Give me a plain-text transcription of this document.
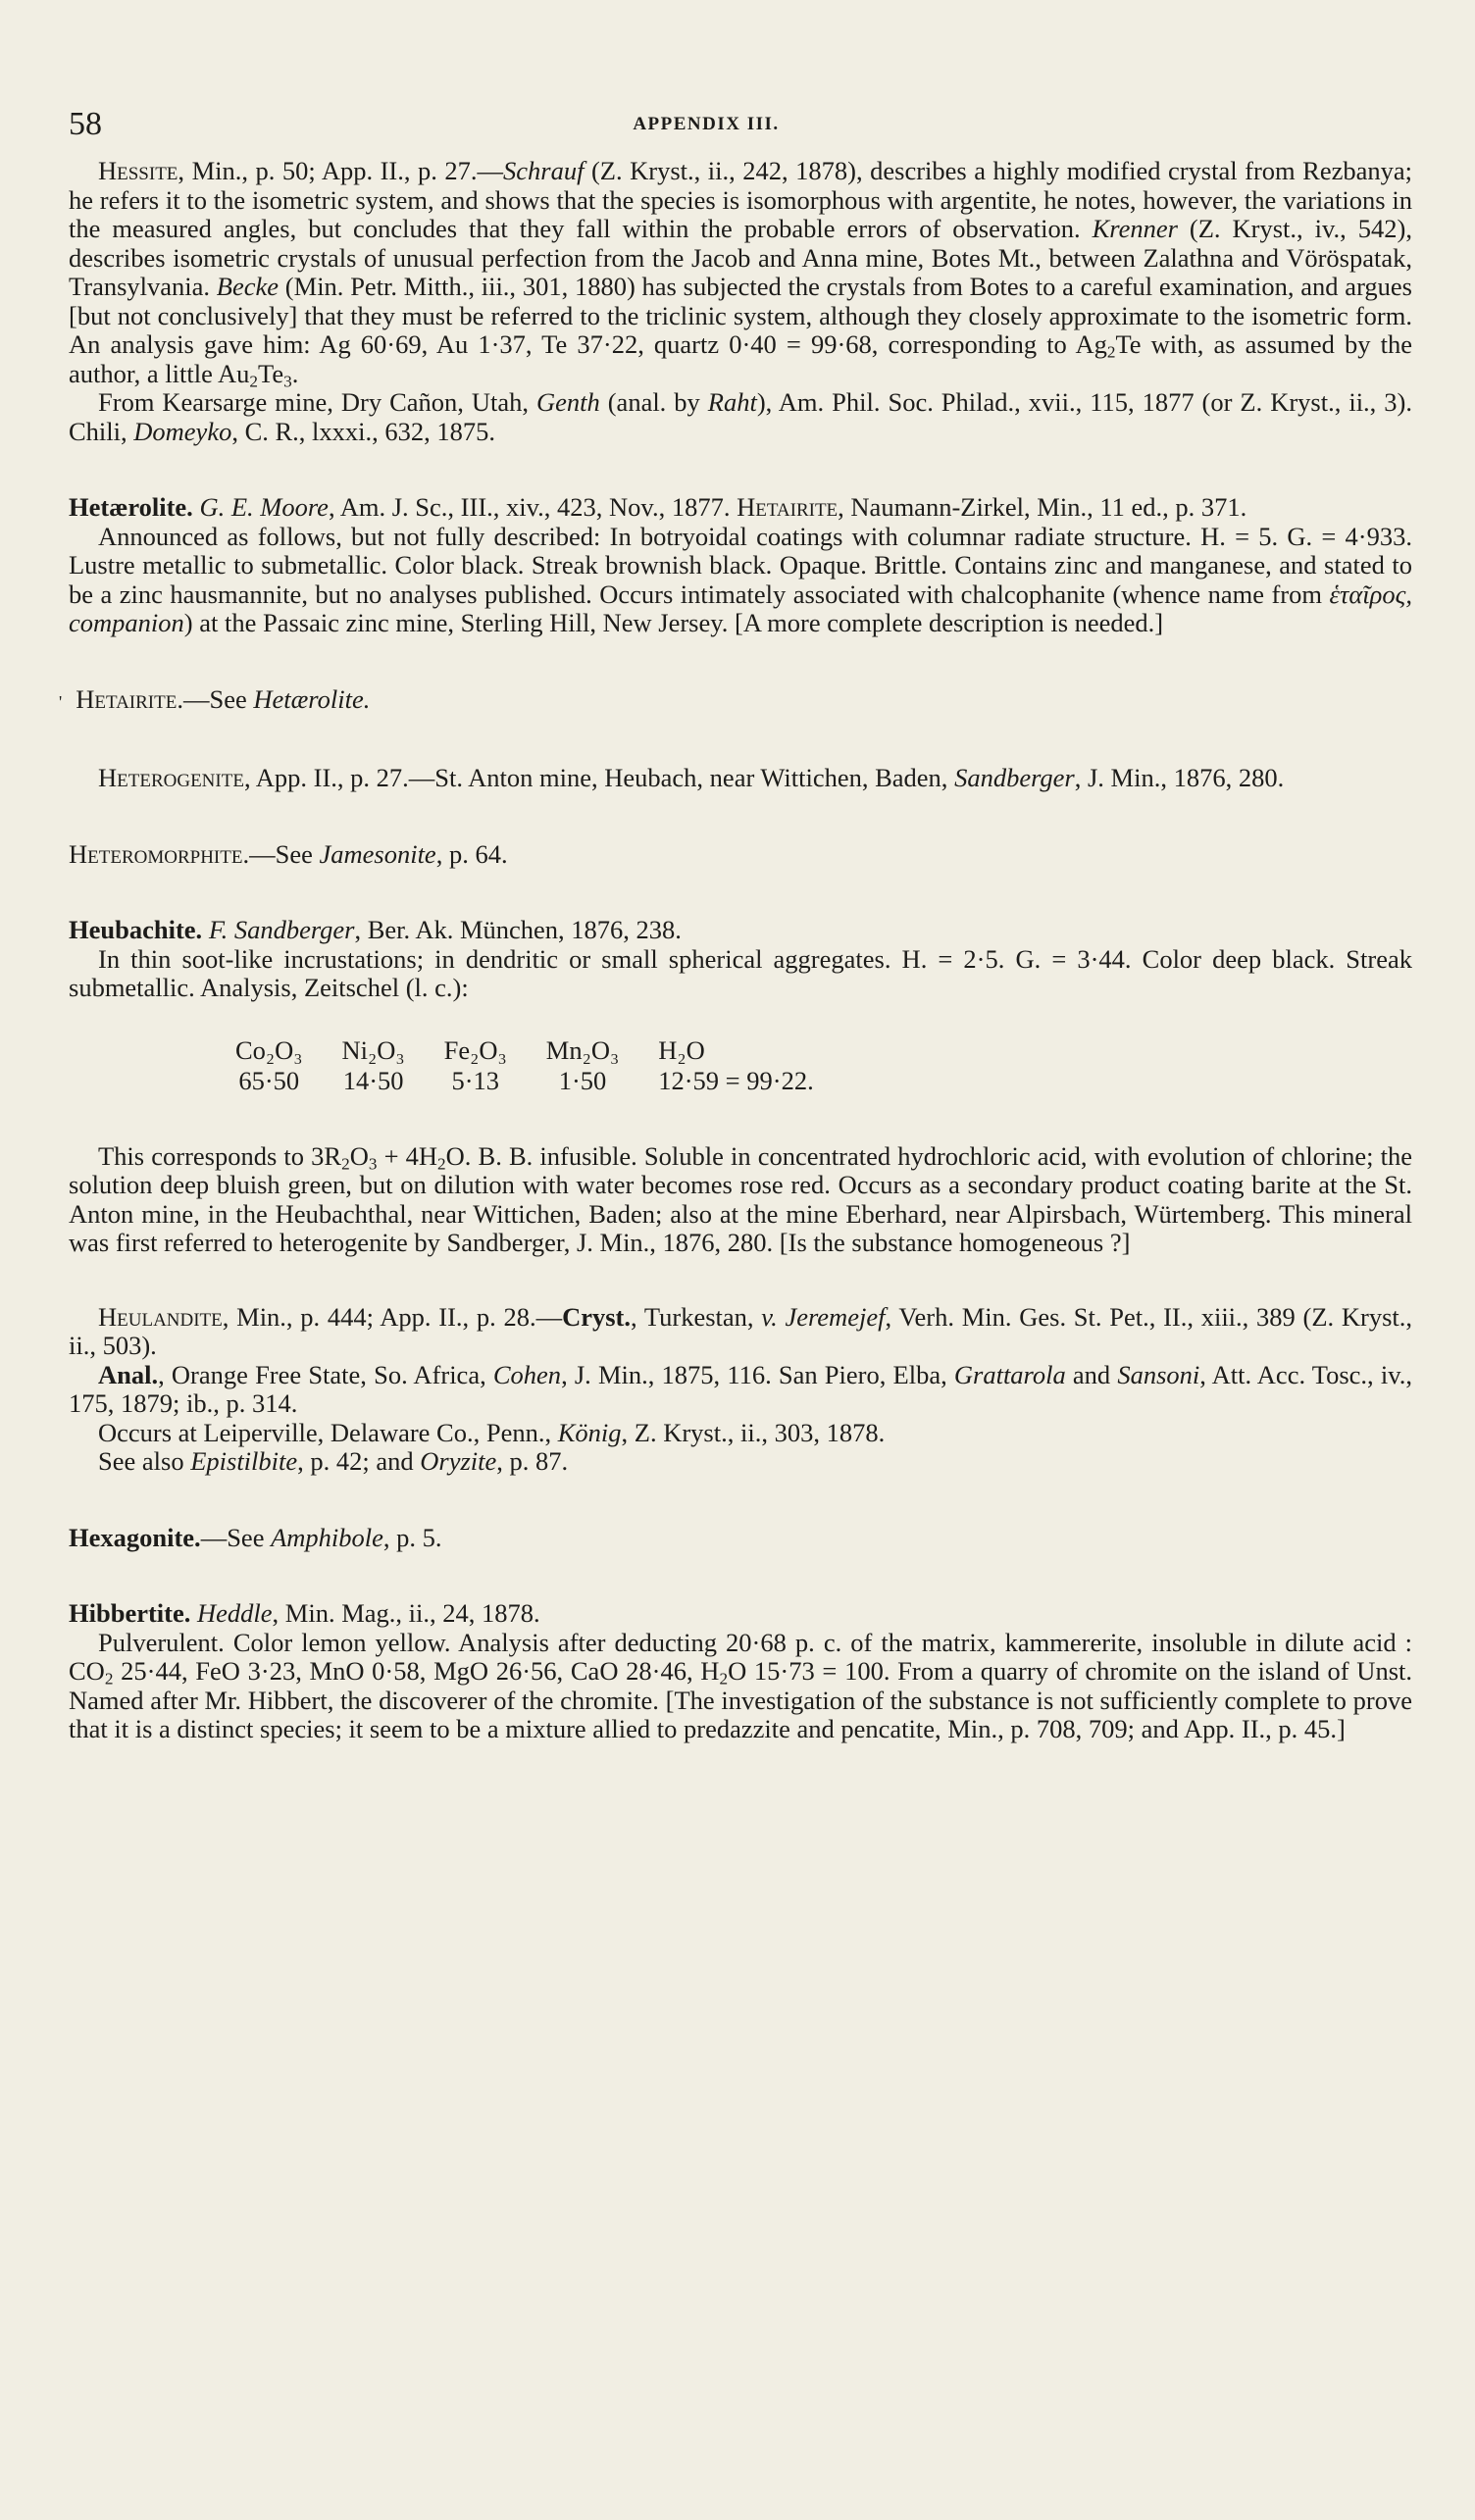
58	APPENDIX III.

Hessite, Min., p. 50; App. II., p. 27.—Schrauf (Z. Kryst., ii., 242, 1878), describes a highly modified crystal from Rezbanya; he refers it to the isometric system, and shows that the species is isomorphous with argentite, he notes, however, the variations in the measured angles, but concludes that they fall within the probable errors of observation. Krenner (Z. Kryst., iv., 542), describes isometric crystals of unusual perfection from the Jacob and Anna mine, Botes Mt., between Zalathna and Vöröspatak, Transylvania. Becke (Min. Petr. Mitth., iii., 301, 1880) has subjected the crystals from Botes to a careful examination, and argues [but not conclusively] that they must be referred to the triclinic system, although they closely approximate to the isometric form. An analysis gave him: Ag 60·69, Au 1·37, Te 37·22, quartz 0·40 = 99·68, corresponding to $Ag_2Te$ with, as assumed by the author, a little $Au_2Te_3$.

From Kearsarge mine, Dry Cañon, Utah, Genth (anal. by Raht), Am. Phil. Soc. Philad., xvii., 115, 1877 (or Z. Kryst., ii., 3). Chili, Domeyko, C. R., lxxxi., 632, 1875.

Hetærolite. G. E. Moore, Am. J. Sc., III., xiv., 423, Nov., 1877. Hetairite, Naumann-Zirkel, Min., 11 ed., p. 371.

Announced as follows, but not fully described: In botryoidal coatings with columnar radiate structure. H. = 5. G. = 4·933. Lustre metallic to submetallic. Color black. Streak brownish black. Opaque. Brittle. Contains zinc and manganese, and stated to be a zinc hausmannite, but no analyses published. Occurs intimately associated with chalcophanite (whence name from ἑταῖρος, companion) at the Passaic zinc mine, Sterling Hill, New Jersey. [A more complete description is needed.]

' Hetairite.—See Hetærolite.

Heterogenite, App. II., p. 27.—St. Anton mine, Heubach, near Wittichen, Baden, Sandberger, J. Min., 1876, 280.

Heteromorphite.—See Jamesonite, p. 64.

Heubachite. F. Sandberger, Ber. Ak. München, 1876, 238.

In thin soot-like incrustations; in dendritic or small spherical aggregates. H. = 2·5. G. = 3·44. Color deep black. Streak submetallic. Analysis, Zeitschel (l. c.):

Co₂O₃	Ni₂O₃	Fe₂O₃	Mn₂O₃	H₂O
65·50	14·50	5·13	1·50	12·59 = 99·22.

This corresponds to $3R_2O_3 + 4H_2O$. B. B. infusible. Soluble in concentrated hydrochloric acid, with evolution of chlorine; the solution deep bluish green, but on dilution with water becomes rose red. Occurs as a secondary product coating barite at the St. Anton mine, in the Heubachthal, near Wittichen, Baden; also at the mine Eberhard, near Alpirsbach, Würtemberg. This mineral was first referred to heterogenite by Sandberger, J. Min., 1876, 280. [Is the substance homogeneous ?]

Heulandite, Min., p. 444; App. II., p. 28.—Cryst., Turkestan, v. Jeremejef, Verh. Min. Ges. St. Pet., II., xiii., 389 (Z. Kryst., ii., 503).

Anal., Orange Free State, So. Africa, Cohen, J. Min., 1875, 116. San Piero, Elba, Grattarola and Sansoni, Att. Acc. Tosc., iv., 175, 1879; ib., p. 314.

Occurs at Leiperville, Delaware Co., Penn., König, Z. Kryst., ii., 303, 1878.

See also Epistilbite, p. 42; and Oryzite, p. 87.

Hexagonite.—See Amphibole, p. 5.

Hibbertite. Heddle, Min. Mag., ii., 24, 1878.

Pulverulent. Color lemon yellow. Analysis after deducting 20·68 p. c. of the matrix, kammererite, insoluble in dilute acid : $CO_2$ 25·44, FeO 3·23, MnO 0·58, MgO 26·56, CaO 28·46, $H_2O$ 15·73 = 100. From a quarry of chromite on the island of Unst. Named after Mr. Hibbert, the discoverer of the chromite. [The investigation of the substance is not sufficiently complete to prove that it is a distinct species; it seem to be a mixture allied to predazzite and pencatite, Min., p. 708, 709; and App. II., p. 45.]
